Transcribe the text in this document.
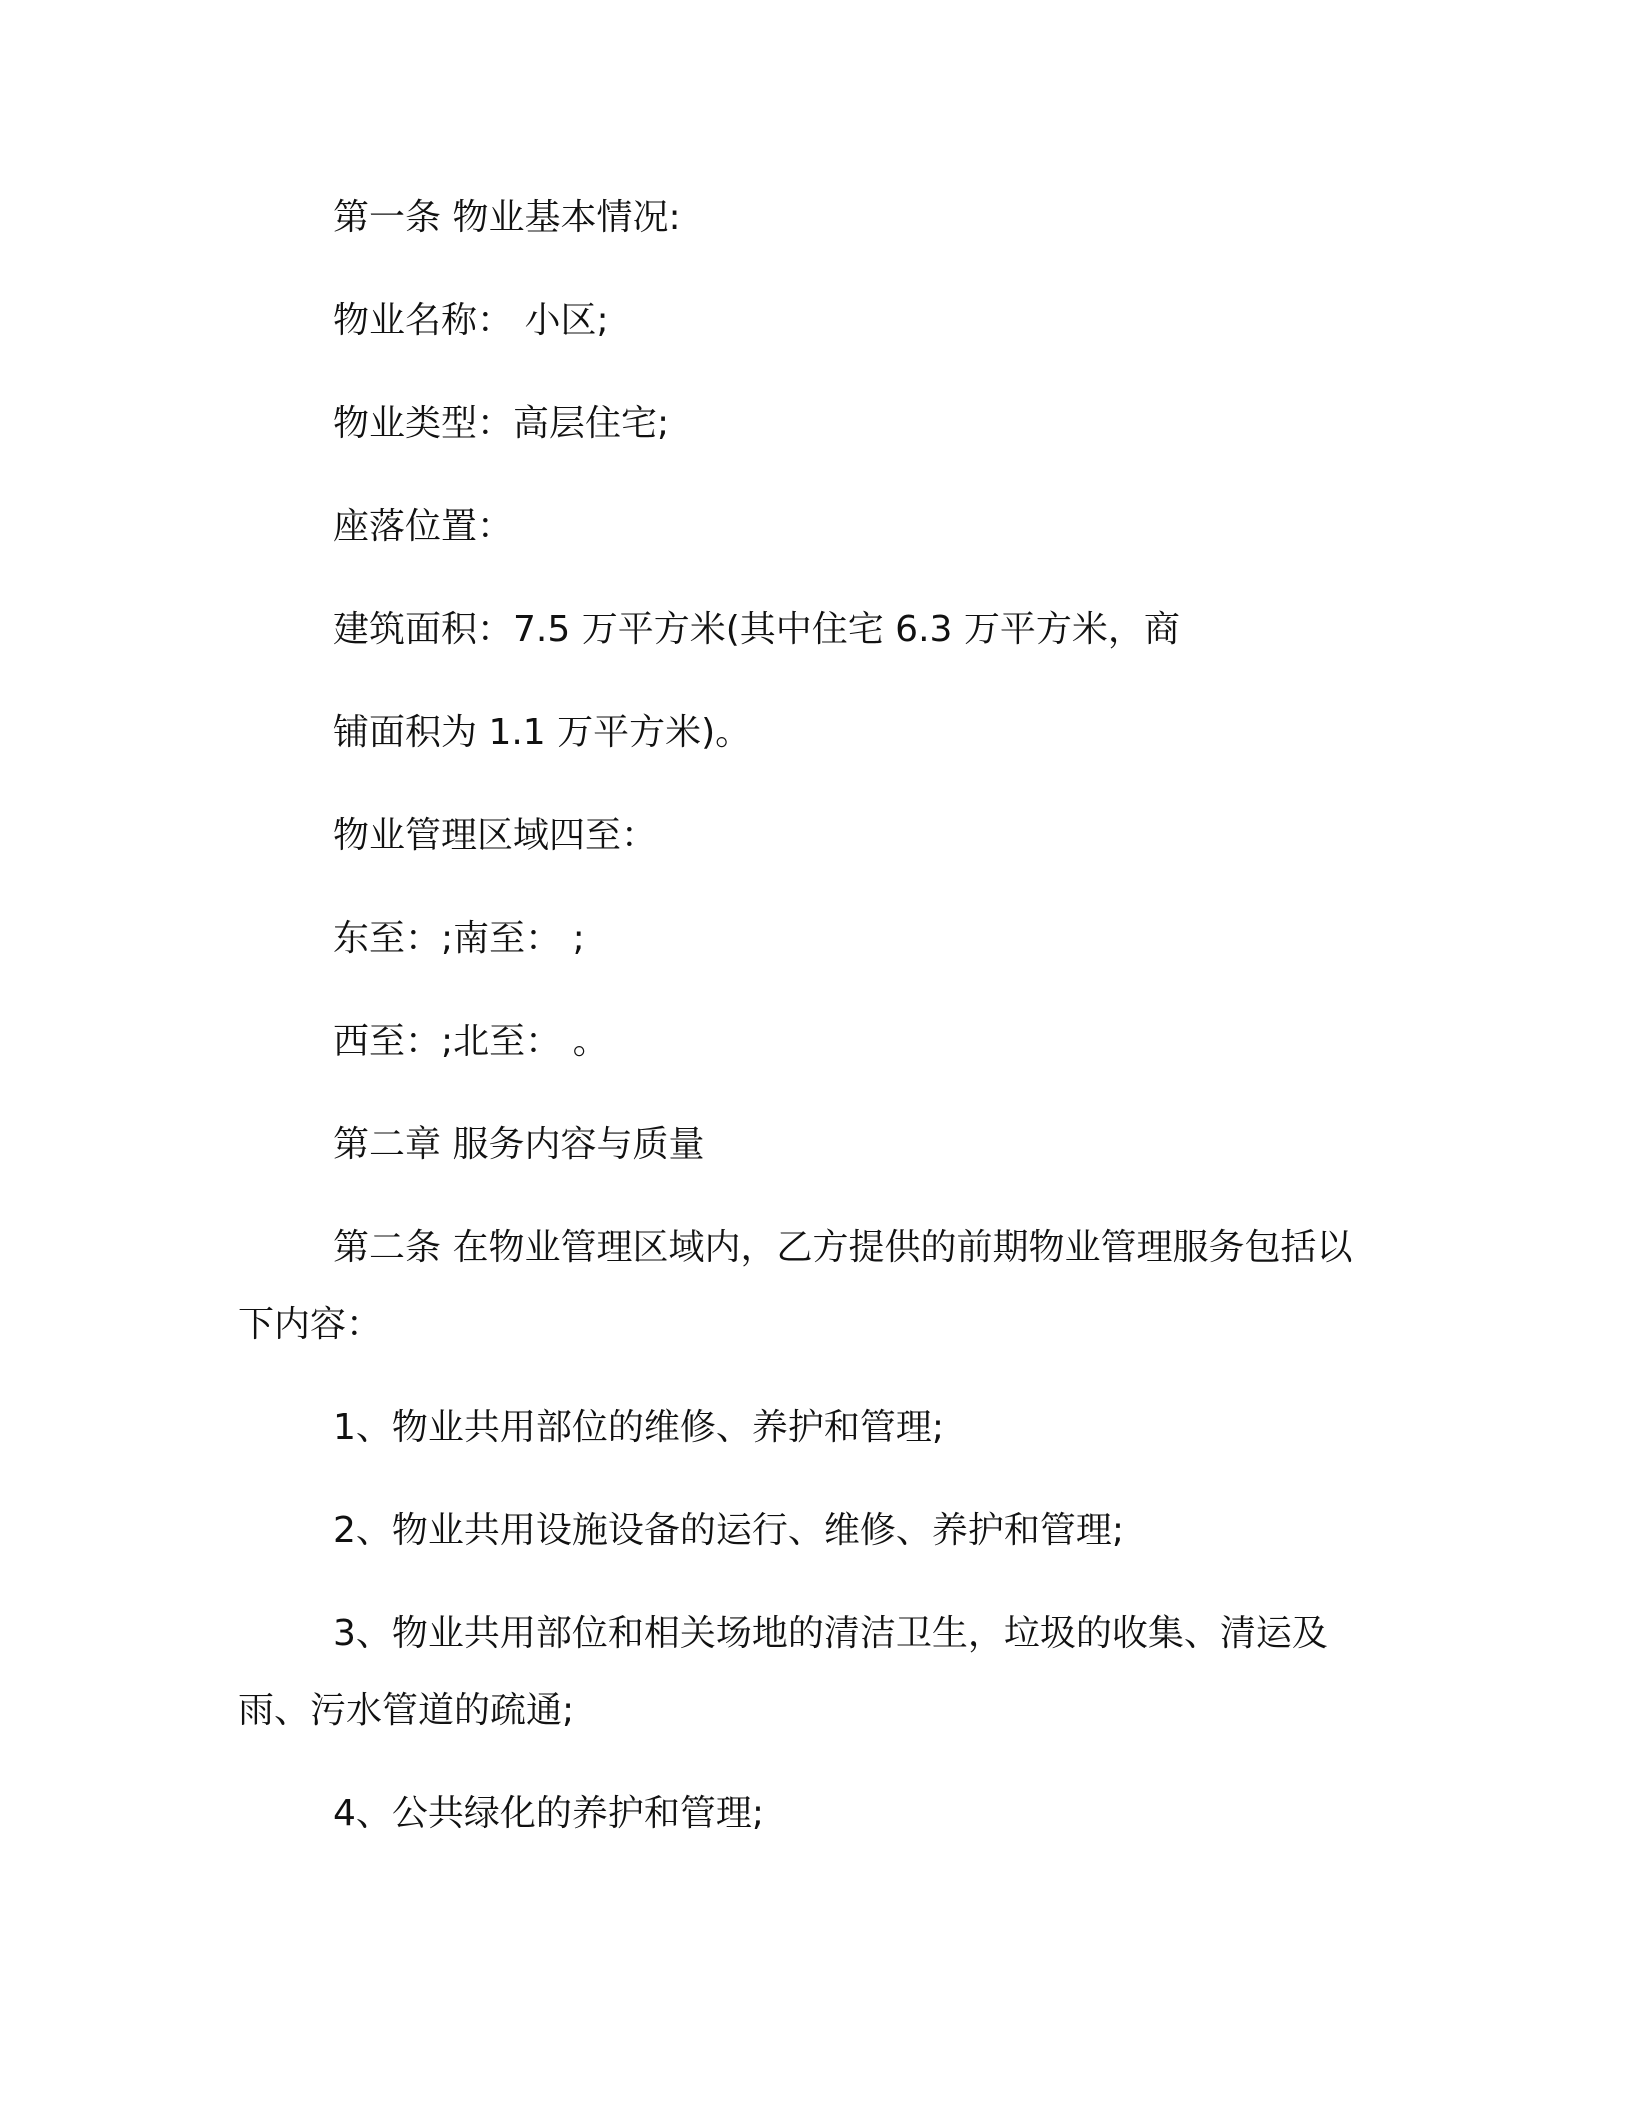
第一条 物业基本情况:
物业名称： 小区;
物业类型：高层住宅;
座落位置：
建筑面积：7.5 万平方米(其中住宅 6.3 万平方米，商
铺面积为 1.1 万平方米)。
物业管理区域四至：
东至：;南至： ;
西至：;北至： 。
第二章 服务内容与质量
第二条 在物业管理区域内，乙方提供的前期物业管理服务包括以
下内容：
1、物业共用部位的维修、养护和管理;
2、物业共用设施设备的运行、维修、养护和管理;
3、物业共用部位和相关场地的清洁卫生，垃圾的收集、清运及
雨、污水管道的疏通;
4、公共绿化的养护和管理;
